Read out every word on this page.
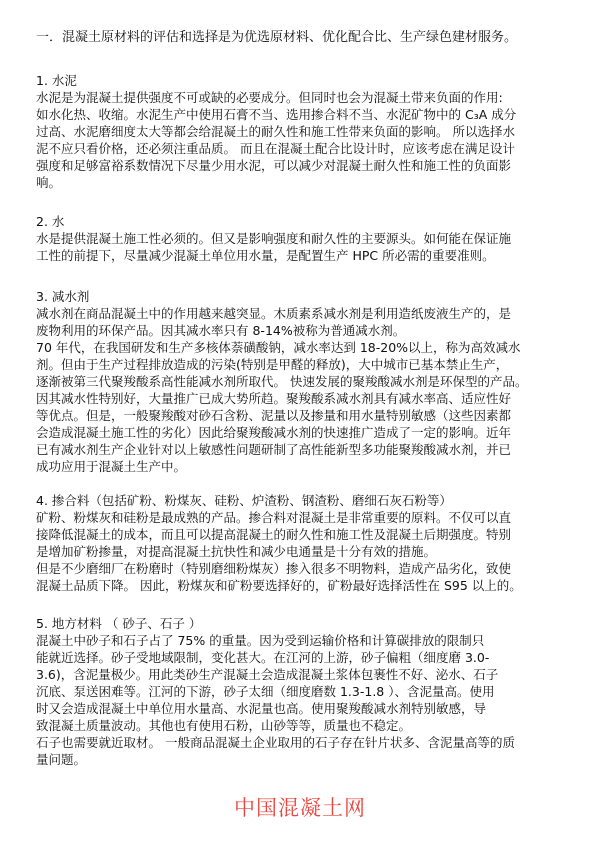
一．混凝土原材料的评估和选择是为优选原材料、优化配合比、生产绿色建材服务。

1. 水泥

水泥是为混凝土提供强度不可或缺的必要成分。但同时也会为混凝土带来负面的作用:
如水化热、收缩。水泥生产中使用石膏不当、选用掺合料不当、水泥矿物中的 C₃A 成分
过高、水泥磨细度太大等都会给混凝土的耐久性和施工性带来负面的影响。 所以选择水
泥不应只看价格，还必须注重品质。 而且在混凝土配合比设计时，应该考虑在满足设计
强度和足够富裕系数情况下尽量少用水泥，可以减少对混凝土耐久性和施工性的负面影
响。

2. 水

水是提供混凝土施工性必须的。但又是影响强度和耐久性的主要源头。如何能在保证施
工性的前提下，尽量减少混凝土单位用水量，是配置生产 HPC 所必需的重要准则。

3. 减水剂

减水剂在商品混凝土中的作用越来越突显。木质素系减水剂是利用造纸废液生产的，是
废物利用的环保产品。因其减水率只有 8-14%被称为普通减水剂。
70 年代，在我国研发和生产多核体萘磺酸钠，减水率达到 18-20%以上，称为高效减水
剂。但由于生产过程排放造成的污染(特别是甲醛的释放)，大中城市已基本禁止生产，
逐渐被第三代聚羧酸系高性能减水剂所取代。 快速发展的聚羧酸减水剂是环保型的产品。
因其减水性特别好，大量推广已成大势所趋。聚羧酸系减水剂具有减水率高、适应性好
等优点。但是，一般聚羧酸对砂石含粉、泥量以及掺量和用水量特别敏感（这些因素都
会造成混凝土施工性的劣化）因此给聚羧酸减水剂的快速推广造成了一定的影响。近年
已有减水剂生产企业针对以上敏感性问题研制了高性能新型多功能聚羧酸减水剂，并已
成功应用于混凝土生产中。

4. 掺合料（包括矿粉、粉煤灰、硅粉、炉渣粉、钢渣粉、磨细石灰石粉等）

矿粉、粉煤灰和硅粉是最成熟的产品。掺合料对混凝土是非常重要的原料。不仅可以直
接降低混凝土的成本，而且可以提高混凝土的耐久性和施工性及混凝土后期强度。特别
是增加矿粉掺量，对提高混凝土抗快性和减少电通量是十分有效的措施。
但是不少磨细厂在粉磨时（特别磨细粉煤灰）掺入很多不明物料，造成产品劣化，致使
混凝土品质下降。 因此，粉煤灰和矿粉要选择好的，矿粉最好选择活性在 S95 以上的。

5. 地方材料 （ 砂子、石子 ）

混凝土中砂子和石子占了 75% 的重量。因为受到运输价格和计算碳排放的限制只
能就近选择。砂子受地域限制，变化甚大。在江河的上游，砂子偏粗（细度磨 3.0-
3.6)，含泥量极少。用此类砂生产混凝土会造成混凝土浆体包裹性不好、泌水、石子
沉底、泵送困难等。江河的下游，砂子太细（细度磨数 1.3-1.8 ）、含泥量高。使用
时又会造成混凝土中单位用水量高、水泥量也高。使用聚羧酸减水剂特别敏感，导
致混凝土质量波动。其他也有使用石粉，山砂等等，质量也不稳定。
石子也需要就近取材。 一般商品混凝土企业取用的石子存在针片状多、含泥量高等的质
量问题。

中国混凝土网
